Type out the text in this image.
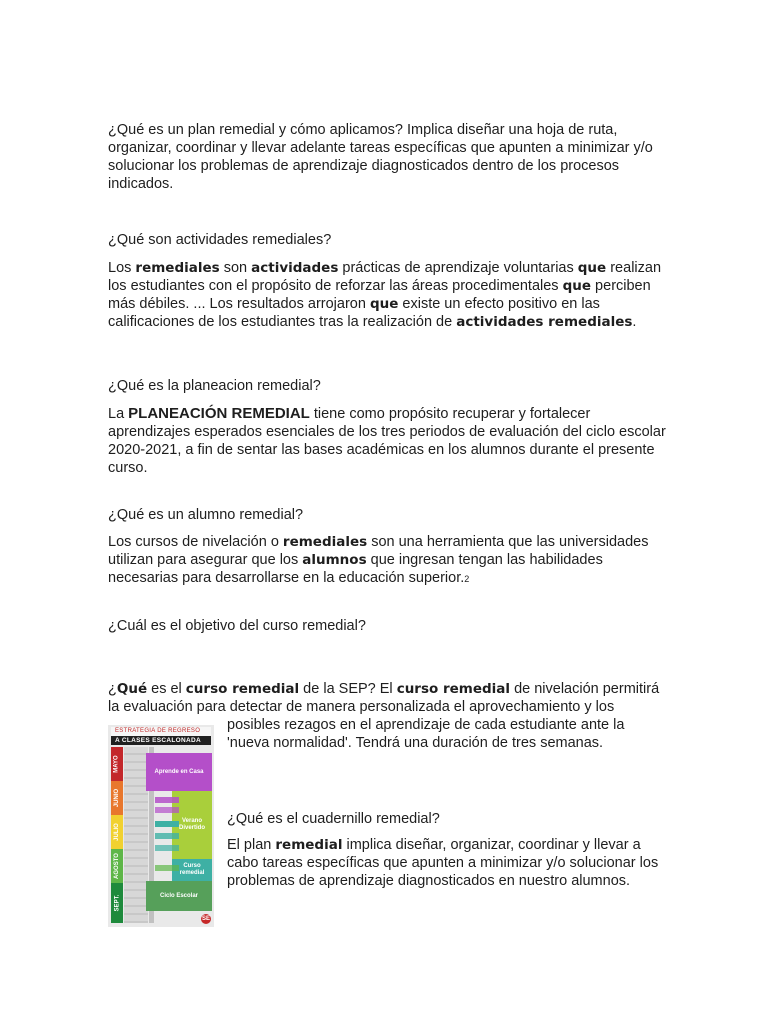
¿Qué es un plan remedial y cómo aplicamos? Implica diseñar una hoja de ruta, organizar, coordinar y llevar adelante tareas específicas que apunten a minimizar y/o solucionar los problemas de aprendizaje diagnosticados dentro de los procesos indicados.

¿Qué son actividades remediales?

Los remediales son actividades prácticas de aprendizaje voluntarias que realizan los estudiantes con el propósito de reforzar las áreas procedimentales que perciben más débiles. ... Los resultados arrojaron que existe un efecto positivo en las calificaciones de los estudiantes tras la realización de actividades remediales.

¿Qué es la planeacion remedial?

La PLANEACIÓN REMEDIAL tiene como propósito recuperar y fortalecer aprendizajes esperados esenciales de los tres periodos de evaluación del ciclo escolar 2020-2021, a fin de sentar las bases académicas en los alumnos durante el presente curso.

¿Qué es un alumno remedial?

Los cursos de nivelación o remediales son una herramienta que las universidades utilizan para asegurar que los alumnos que ingresan tengan las habilidades necesarias para desarrollarse en la educación superior.2

¿Cuál es el objetivo del curso remedial?

¿Qué es el curso remedial de la SEP? El curso remedial de nivelación permitirá la evaluación para detectar de manera personalizada el aprovechamiento y los

posibles rezagos en el aprendizaje de cada estudiante ante la 'nueva normalidad'. Tendrá una duración de tres semanas.

¿Qué es el cuadernillo remedial?

El plan remedial implica diseñar, organizar, coordinar y llevar a cabo tareas específicas que apunten a minimizar y/o solucionar los problemas de aprendizaje diagnosticados en nuestro alumnos.

ESTRATEGIA DE REGRESO
A CLASES ESCALONADA
MAYO
JUNIO
JULIO
AGOSTO
SEPT.
Aprende en Casa
Verano Divertido
Curso remedial
Ciclo Escolar
SE
